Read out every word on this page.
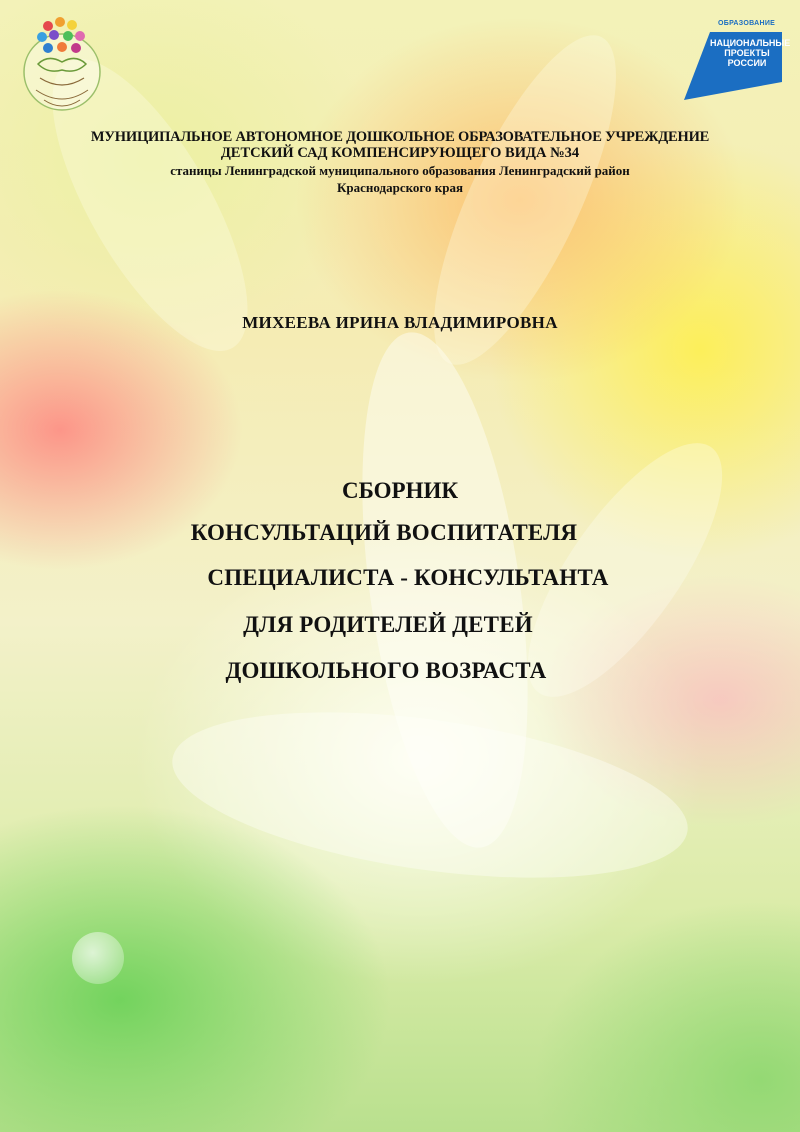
ОБРАЗОВАНИЕ
НАЦИОНАЛЬНЫЕ
ПРОЕКТЫ
РОССИИ
МУНИЦИПАЛЬНОЕ АВТОНОМНОЕ ДОШКОЛЬНОЕ ОБРАЗОВАТЕЛЬНОЕ УЧРЕЖДЕНИЕ
ДЕТСКИЙ САД КОМПЕНСИРУЮЩЕГО ВИДА №34
станицы Ленинградской муниципального образования Ленинградский район
Краснодарского края
МИХЕЕВА ИРИНА ВЛАДИМИРОВНА
СБОРНИК
КОНСУЛЬТАЦИЙ ВОСПИТАТЕЛЯ
СПЕЦИАЛИСТА - КОНСУЛЬТАНТА
ДЛЯ РОДИТЕЛЕЙ ДЕТЕЙ
ДОШКОЛЬНОГО ВОЗРАСТА
